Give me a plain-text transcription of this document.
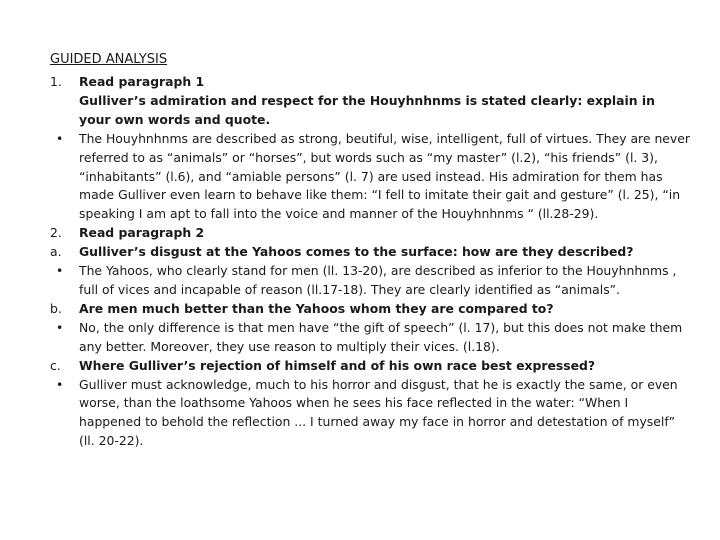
GUIDED ANALYSIS
1.	Read paragraph 1
Gulliver’s admiration and respect for the Houyhnhnms is stated clearly: explain in your own words and quote.
•	The Houyhnhnms are described as strong, beutiful, wise, intelligent, full of virtues. They are never referred to as “animals” or “horses”, but words such as “my master” (l.2), “his friends” (l. 3), “inhabitants” (l.6), and “amiable persons” (l. 7) are used instead. His admiration for them has made Gulliver even learn to behave like them: “I fell to imitate their gait and gesture” (l. 25), “in speaking I am apt to fall into the voice and manner of the Houyhnhnms “ (ll.28-29).
2.	Read paragraph 2
a.	Gulliver’s disgust at the Yahoos comes to the surface: how are they described?
•	The Yahoos, who clearly stand for men (ll. 13-20), are described as inferior to the Houyhnhnms , full of vices and incapable of reason (ll.17-18). They are clearly identified as “animals”.
b.	Are men much better than the Yahoos whom they are compared to?
•	No, the only difference is that men have “the gift of speech” (l. 17), but this does not make them any better. Moreover, they use reason to multiply their vices. (l.18).
c.	Where Gulliver’s rejection of himself and of his own race best expressed?
•	Gulliver must acknowledge, much to his horror and disgust, that he is exactly the same, or even worse, than the loathsome Yahoos when he sees his face reflected in the water: “When I happened to behold the reflection ... I turned away my face in horror and detestation of myself” (ll. 20-22).
